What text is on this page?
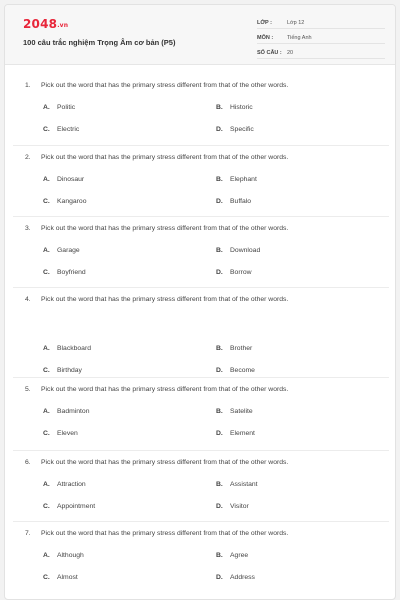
2048.vn
100 câu trắc nghiệm Trọng Âm cơ bản (P5)
LỚP :	Lớp 12
MÔN :	Tiếng Anh
SỐ CÂU : 20
1. Pick out the word that has the primary stress different from that of the other words.
A. Politic	B. Historic
C. Electric	D. Specific
2. Pick out the word that has the primary stress different from that of the other words.
A. Dinosaur	B. Elephant
C. Kangaroo	D. Buffalo
3. Pick out the word that has the primary stress different from that of the other words.
A. Garage	B. Download
C. Boyfriend	D. Borrow
4. Pick out the word that has the primary stress different from that of the other words.
A. Blackboard	B. Brother
C. Birthday	D. Become
5. Pick out the word that has the primary stress different from that of the other words.
A. Badminton	B. Satelite
C. Eleven	D. Element
6. Pick out the word that has the primary stress different from that of the other words.
A. Attraction	B. Assistant
C. Appointment	D. Visitor
7. Pick out the word that has the primary stress different from that of the other words.
A. Although	B. Agree
C. Almost	D. Address
